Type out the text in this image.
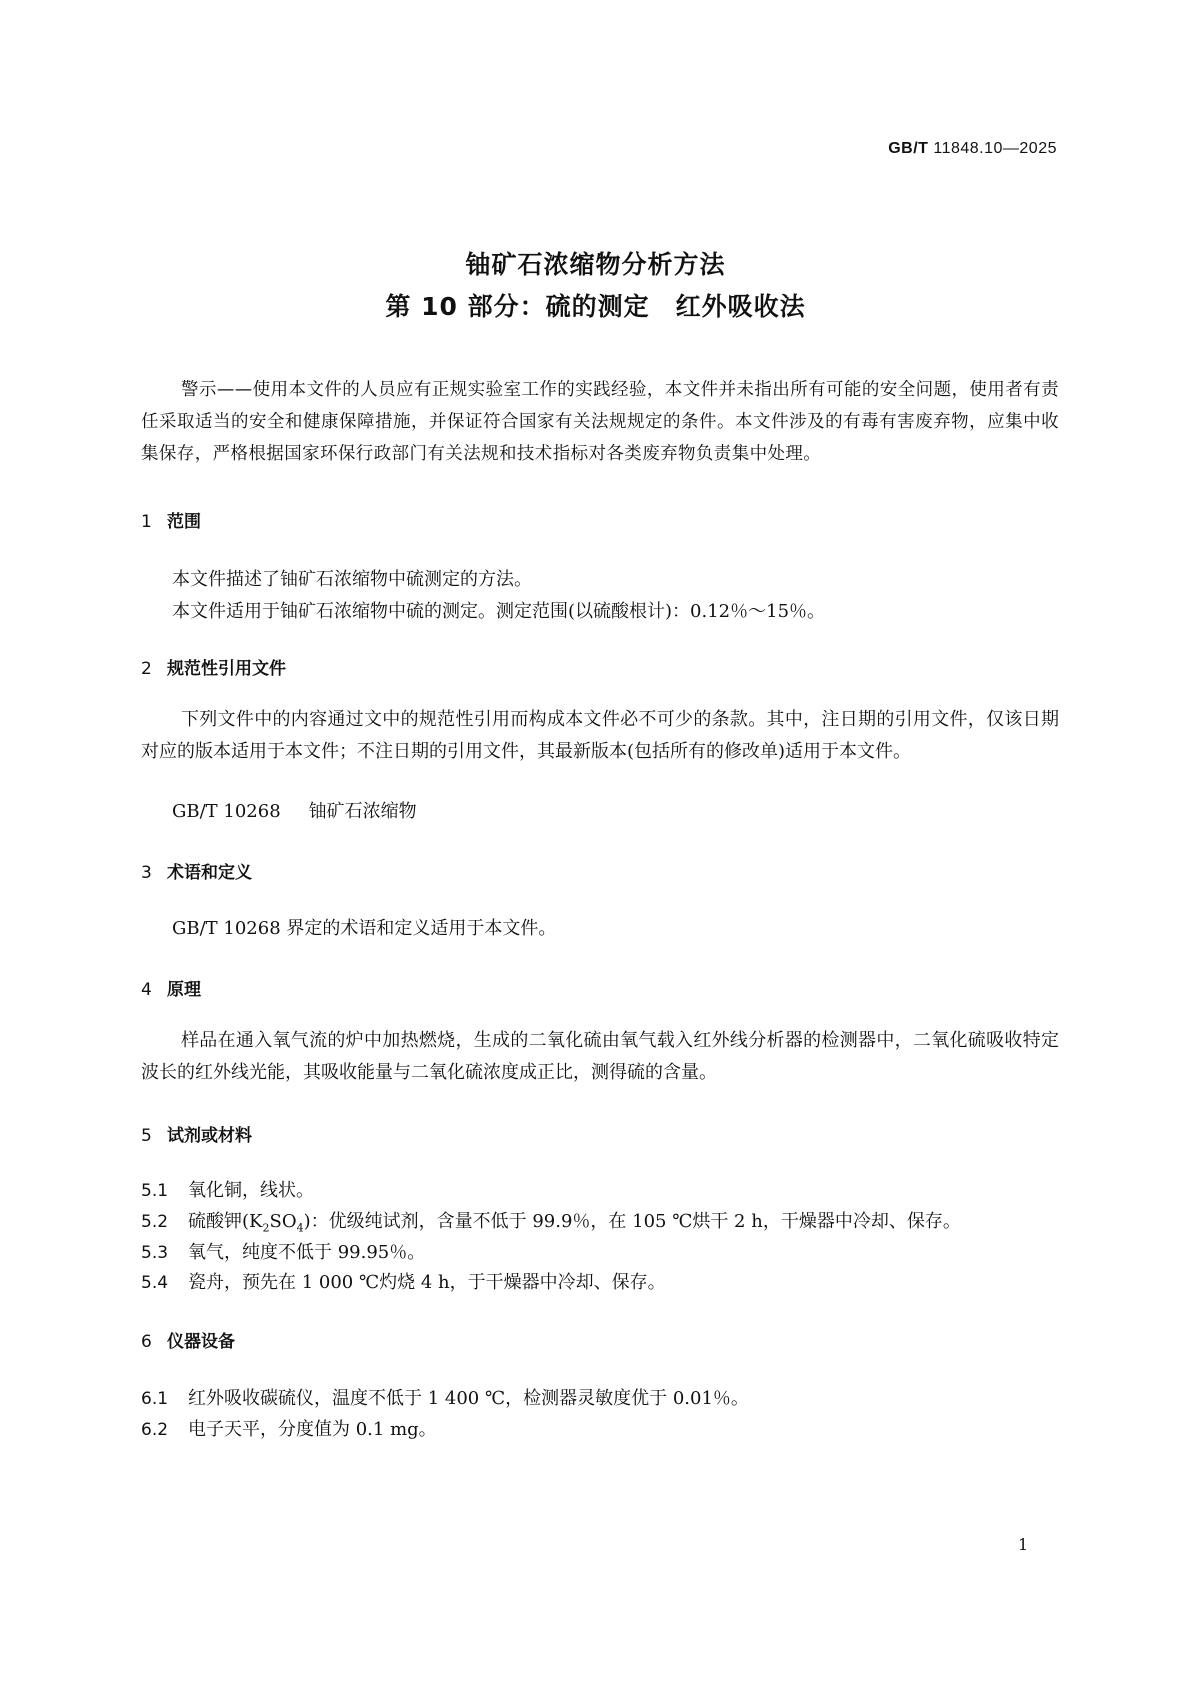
GB/T 11848.10—2025
铀矿石浓缩物分析方法
第 10 部分：硫的测定　红外吸收法
警示——使用本文件的人员应有正规实验室工作的实践经验，本文件并未指出所有可能的安全问题，使用者有责任采取适当的安全和健康保障措施，并保证符合国家有关法规规定的条件。本文件涉及的有毒有害废弃物，应集中收集保存，严格根据国家环保行政部门有关法规和技术指标对各类废弃物负责集中处理。
1 范围
本文件描述了铀矿石浓缩物中硫测定的方法。
本文件适用于铀矿石浓缩物中硫的测定。测定范围(以硫酸根计)：0.12％～15％。
2 规范性引用文件
下列文件中的内容通过文中的规范性引用而构成本文件必不可少的条款。其中，注日期的引用文件，仅该日期对应的版本适用于本文件；不注日期的引用文件，其最新版本(包括所有的修改单)适用于本文件。
GB/T 10268 铀矿石浓缩物
3 术语和定义
GB/T 10268 界定的术语和定义适用于本文件。
4 原理
样品在通入氧气流的炉中加热燃烧，生成的二氧化硫由氧气载入红外线分析器的检测器中，二氧化硫吸收特定波长的红外线光能，其吸收能量与二氧化硫浓度成正比，测得硫的含量。
5 试剂或材料
5.1 氧化铜，线状。
5.2 硫酸钾$(K_2SO_4)$：优级纯试剂，含量不低于 99.9％，在 105 ℃烘干 2 h，干燥器中冷却、保存。
5.3 氧气，纯度不低于 99.95％。
5.4 瓷舟，预先在 1 000 ℃灼烧 4 h，于干燥器中冷却、保存。
6 仪器设备
6.1 红外吸收碳硫仪，温度不低于 1 400 ℃，检测器灵敏度优于 0.01％。
6.2 电子天平，分度值为 0.1 mg。
1
